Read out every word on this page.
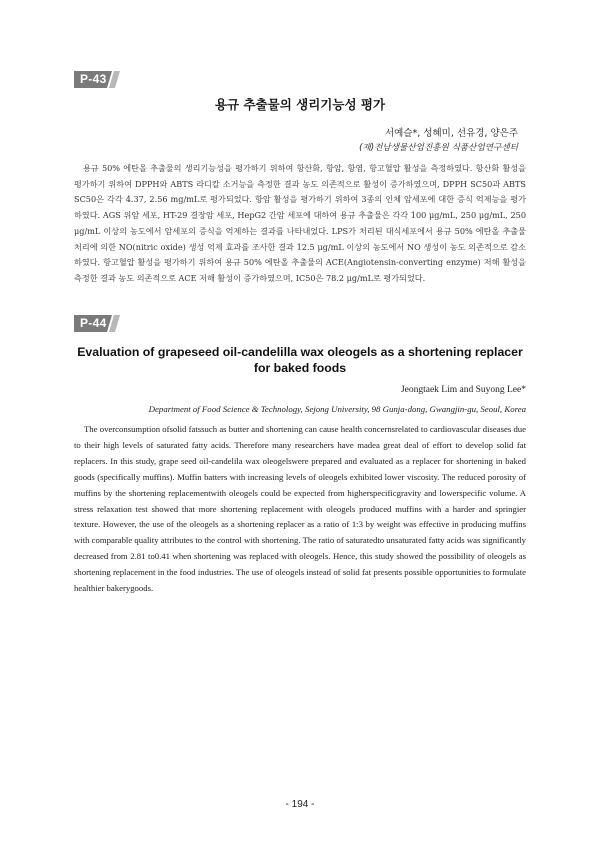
P-43
용규 추출물의 생리기능성 평가
서예슬*, 성혜미, 선유경, 양은주
(재)전남생물산업진흥원 식품산업연구센터
용규 50% 에탄올 추출물의 생리기능성을 평가하기 위하여 항산화, 항암, 항염, 항고혈압 활성을 측정하였다. 항산화 활성을 평가하기 위하여 DPPH와 ABTS 라디칼 소거능을 측정한 결과 농도 의존적으로 활성이 증가하였으며, DPPH SC50과 ABTS SC50은 각각 4.37, 2.56 mg/mL로 평가되었다. 항암 활성을 평가하기 위하여 3종의 인체 암세포에 대한 증식 억제능을 평가하였다. AGS 위암 세포, HT-29 결장암 세포, HepG2 간암 세포에 대하여 용규 추출물은 각각 100 μg/mL, 250 μg/mL, 250 μg/mL 이상의 농도에서 암세포의 증식을 억제하는 결과를 나타내었다. LPS가 처리된 대식세포에서 용규 50% 에탄올 추출물 처리에 의한 NO(nitric oxide) 생성 억제 효과를 조사한 결과 12.5 μg/mL 이상의 농도에서 NO 생성이 농도 의존적으로 감소하였다. 항고혈압 활성을 평가하기 위하여 용규 50% 에탄올 추출물의 ACE(Angiotensin-converting enzyme) 저해 활성을 측정한 결과 농도 의존적으로 ACE 저해 활성이 증가하였으며, IC50은 78.2 μg/mL로 평가되었다.
P-44
Evaluation of grapeseed oil-candelilla wax oleogels as a shortening replacer for baked foods
Jeongtaek Lim and Suyong Lee*
Department of Food Science & Technology, Sejong University, 98 Gunja-dong, Gwangjin-gu, Seoul, Korea
The overconsumption ofsolid fatssuch as butter and shortening can cause health concernsrelated to cardiovascular diseases due to their high levels of saturated fatty acids. Therefore many researchers have madea great deal of effort to develop solid fat replacers. In this study, grape seed oil-candelila wax oleogelswere prepared and evaluated as a replacer for shortening in baked goods (specifically muffins). Muffin batters with increasing levels of oleogels exhibited lower viscosity. The reduced porosity of muffins by the shortening replacementwith oleogels could be expected from higherspecificgravity and lowerspecific volume. A stress relaxation test showed that more shortening replacement with oleogels produced muffins with a harder and springier texture. However, the use of the oleogels as a shortening replacer as a ratio of 1:3 by weight was effective in producing muffins with comparable quality attributes to the control with shortening. The ratio of saturatedto unsaturated fatty acids was significantly decreased from 2.81 to0.41 when shortening was replaced with oleogels. Hence, this study showed the possibility of oleogels as shortening replacement in the food industries. The use of oleogels instead of solid fat presents possible opportunities to formulate healthier bakerygoods.
- 194 -
